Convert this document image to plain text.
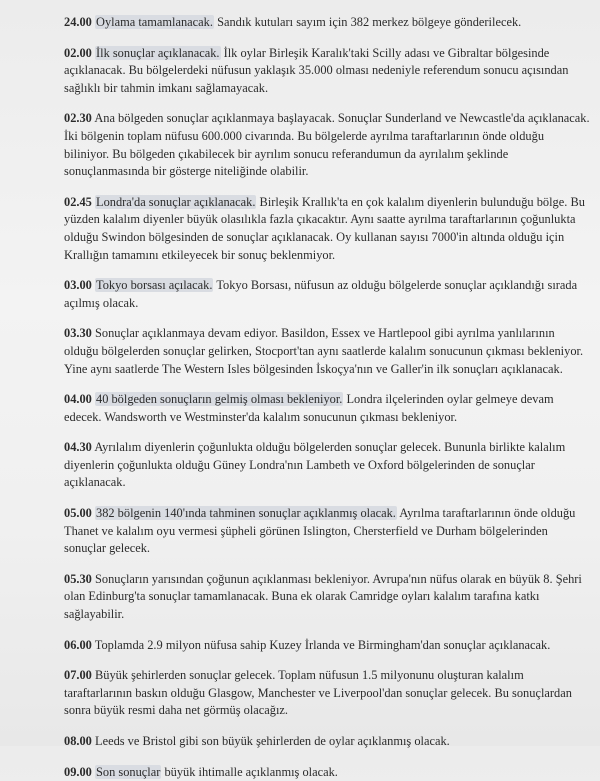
24.00 Oylama tamamlanacak. Sandık kutuları sayım için 382 merkez bölgeye gönderilecek.

02.00 İlk sonuçlar açıklanacak. İlk oylar Birleşik Karalık'taki Scilly adası ve Gibraltar bölgesinde açıklanacak. Bu bölgelerdeki nüfusun yaklaşık 35.000 olması nedeniyle referendum sonucu açısından sağlıklı bir tahmin imkanı sağlamayacak.

02.30 Ana bölgeden sonuçlar açıklanmaya başlayacak. Sonuçlar Sunderland ve Newcastle'da açıklanacak. İki bölgenin toplam nüfusu 600.000 civarında. Bu bölgelerde ayrılma taraftarlarının önde olduğu biliniyor. Bu bölgeden çıkabilecek bir ayrılım sonucu referandumun da ayrılalım şeklinde sonuçlanmasında bir gösterge niteliğinde olabilir.

02.45 Londra'da sonuçlar açıklanacak. Birleşik Krallık'ta en çok kalalım diyenlerin bulunduğu bölge. Bu yüzden kalalım diyenler büyük olasılıkla fazla çıkacaktır. Aynı saatte ayrılma taraftarlarının çoğunlukta olduğu Swindon bölgesinden de sonuçlar açıklanacak. Oy kullanan sayısı 7000'in altında olduğu için Krallığın tamamını etkileyecek bir sonuç beklenmiyor.

03.00 Tokyo borsası açılacak. Tokyo Borsası, nüfusun az olduğu bölgelerde sonuçlar açıklandığı sırada açılmış olacak.

03.30 Sonuçlar açıklanmaya devam ediyor. Basildon, Essex ve Hartlepool gibi ayrılma yanlılarının olduğu bölgelerden sonuçlar gelirken, Stocport'tan aynı saatlerde kalalım sonucunun çıkması bekleniyor. Yine aynı saatlerde The Western Isles bölgesinden İskoçya'nın ve Galler'in ilk sonuçları açıklanacak.

04.00 40 bölgeden sonuçların gelmiş olması bekleniyor. Londra ilçelerinden oylar gelmeye devam edecek. Wandsworth ve Westminster'da kalalım sonucunun çıkması bekleniyor.

04.30 Ayrılalım diyenlerin çoğunlukta olduğu bölgelerden sonuçlar gelecek. Bununla birlikte kalalım diyenlerin çoğunlukta olduğu Güney Londra'nın Lambeth ve Oxford bölgelerinden de sonuçlar açıklanacak.

05.00 382 bölgenin 140'ında tahminen sonuçlar açıklanmış olacak. Ayrılma taraftarlarının önde olduğu Thanet ve kalalım oyu vermesi şüpheli görünen Islington, Chersterfield ve Durham bölgelerinden sonuçlar gelecek.

05.30 Sonuçların yarısından çoğunun açıklanması bekleniyor. Avrupa'nın nüfus olarak en büyük 8. Şehri olan Edinburg'ta sonuçlar tamamlanacak. Buna ek olarak Camridge oyları kalalım tarafına katkı sağlayabilir.

06.00 Toplamda 2.9 milyon nüfusa sahip Kuzey İrlanda ve Birmingham'dan sonuçlar açıklanacak.

07.00 Büyük şehirlerden sonuçlar gelecek. Toplam nüfusun 1.5 milyonunu oluşturan kalalım taraftarlarının baskın olduğu Glasgow, Manchester ve Liverpool'dan sonuçlar gelecek. Bu sonuçlardan sonra büyük resmi daha net görmüş olacağız.

08.00 Leeds ve Bristol gibi son büyük şehirlerden de oylar açıklanmış olacak.

09.00 Son sonuçlar büyük ihtimalle açıklanmış olacak.
